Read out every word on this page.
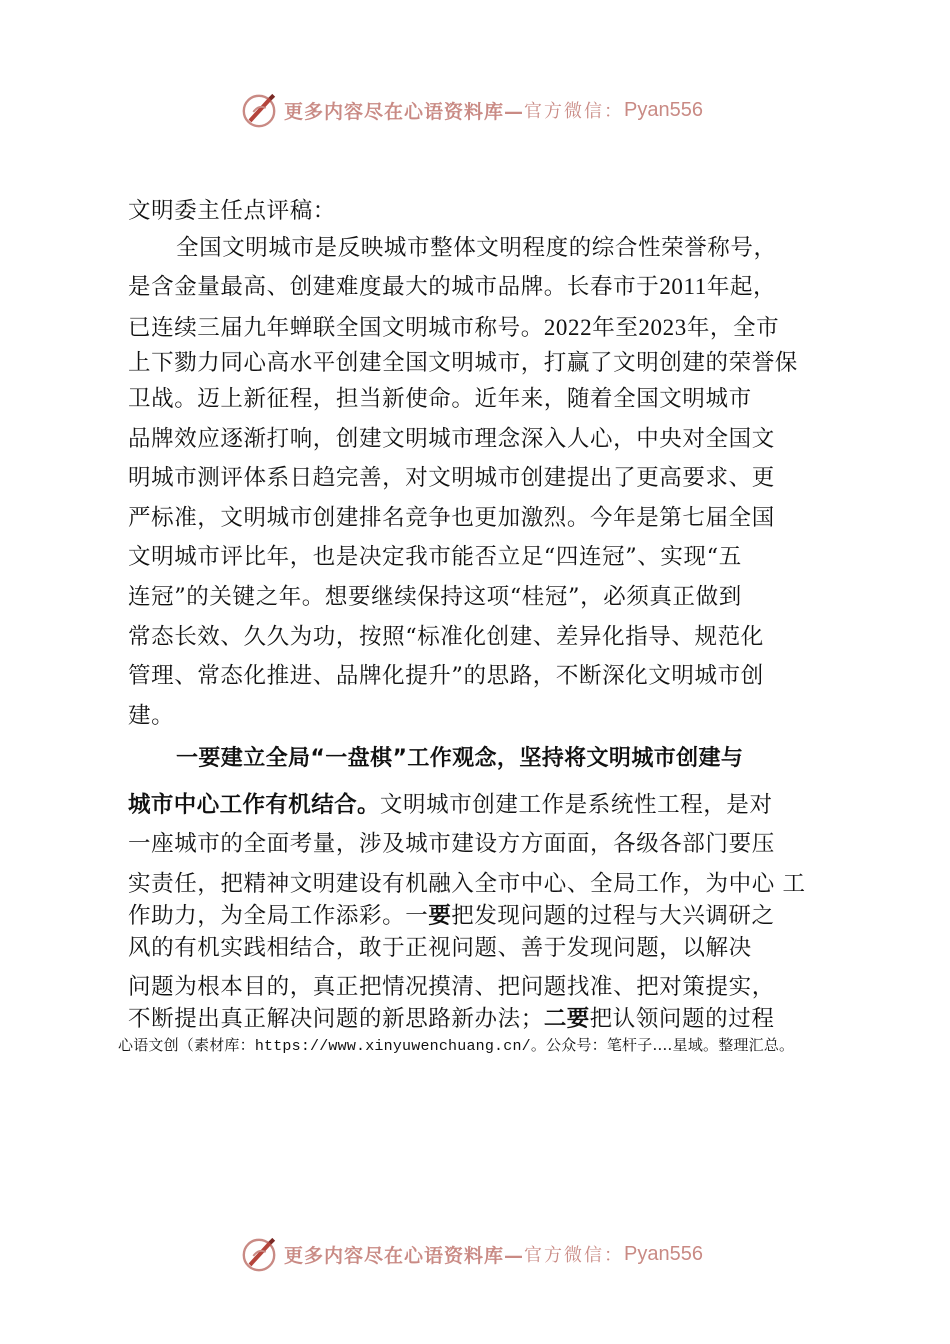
更多内容尽在心语资料库— 官方微信： Pyan556
文明委主任点评稿：
全国文明城市是反映城市整体文明程度的综合性荣誉称号，
是含金量最高、创建难度最大的城市品牌。长春市于2011年起，
已连续三届九年蝉联全国文明城市称号。2022年至2023年，全市
上下勠力同心高水平创建全国文明城市，打赢了文明创建的荣誉保
卫战。迈上新征程，担当新使命。近年来，随着全国文明城市
品牌效应逐渐打响，创建文明城市理念深入人心，中央对全国文
明城市测评体系日趋完善，对文明城市创建提出了更高要求、更
严标准，文明城市创建排名竞争也更加激烈。今年是第七届全国
文明城市评比年，也是决定我市能否立足“四连冠”、实现“五
连冠”的关键之年。想要继续保持这项“桂冠”，必须真正做到
常态长效、久久为功，按照“标准化创建、差异化指导、规范化
管理、常态化推进、品牌化提升”的思路，不断深化文明城市创
建。
一要建立全局“一盘棋”工作观念，坚持将文明城市创建与
城市中心工作有机结合。文明城市创建工作是系统性工程，是对
一座城市的全面考量，涉及城市建设方方面面，各级各部门要压
实责任，把精神文明建设有机融入全市中心、全局工作，为中心 工
作助力，为全局工作添彩。一要把发现问题的过程与大兴调研之
风的有机实践相结合，敢于正视问题、善于发现问题，以解决
问题为根本目的，真正把情况摸清、把问题找准、把对策提实，
不断提出真正解决问题的新思路新办法；二要把认领问题的过程
心语文创（素材库：https://www.xinyuwenchuang.cn/。公众号：笔杆子.…星域。整理汇总。
更多内容尽在心语资料库— 官方微信： Pyan556
